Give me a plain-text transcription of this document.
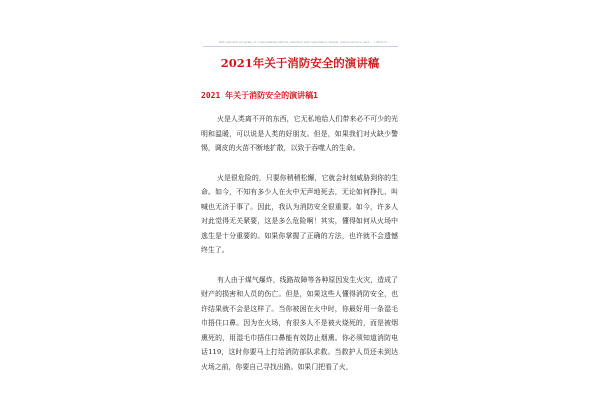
Web site and program of consolidating efforts, talented and responsive, simply, advice service, and ... / 2021/1/ ...
2021年关于消防安全的演讲稿
2021 年关于消防安全的演讲稿1

火是人类离不开的东西，它无私地给人们带来必不可少的光明和温暖，可以说是人类的好朋友。但是，如果我们对火缺少警惕，调皮的火苗不断地扩散，以致于吞噬人的生命。

火是很危险的，只要你稍稍松懈，它就会时刻威胁到你的生命。如今，不知有多少人在火中无声地死去，无论如何挣扎、叫喊也无济于事了。因此，我认为消防安全很重要。如今，许多人对此觉得无关紧要，这是多么危险啊！其实，懂得如何从火场中逃生是十分重要的。如果你掌握了正确的方法，也许就不会遗憾终生了。

有人由于煤气爆炸，线路故障等各种原因发生火灾，造成了财产的损害和人员的伤亡。但是，如果这些人懂得消防安全，也许结果就不会是这样了。当你被困在火中时，你最好用一条湿毛巾捂住口鼻。因为在火场，有很多人不是被火烧死的，而是被烟熏死的，用湿毛巾捂住口鼻能有效防止烟熏。你必须知道消防电话119，这时你要马上打给消防部队求救。当救护人员还未到达火场之前，你要自己寻找出路。如果门把看了火，
